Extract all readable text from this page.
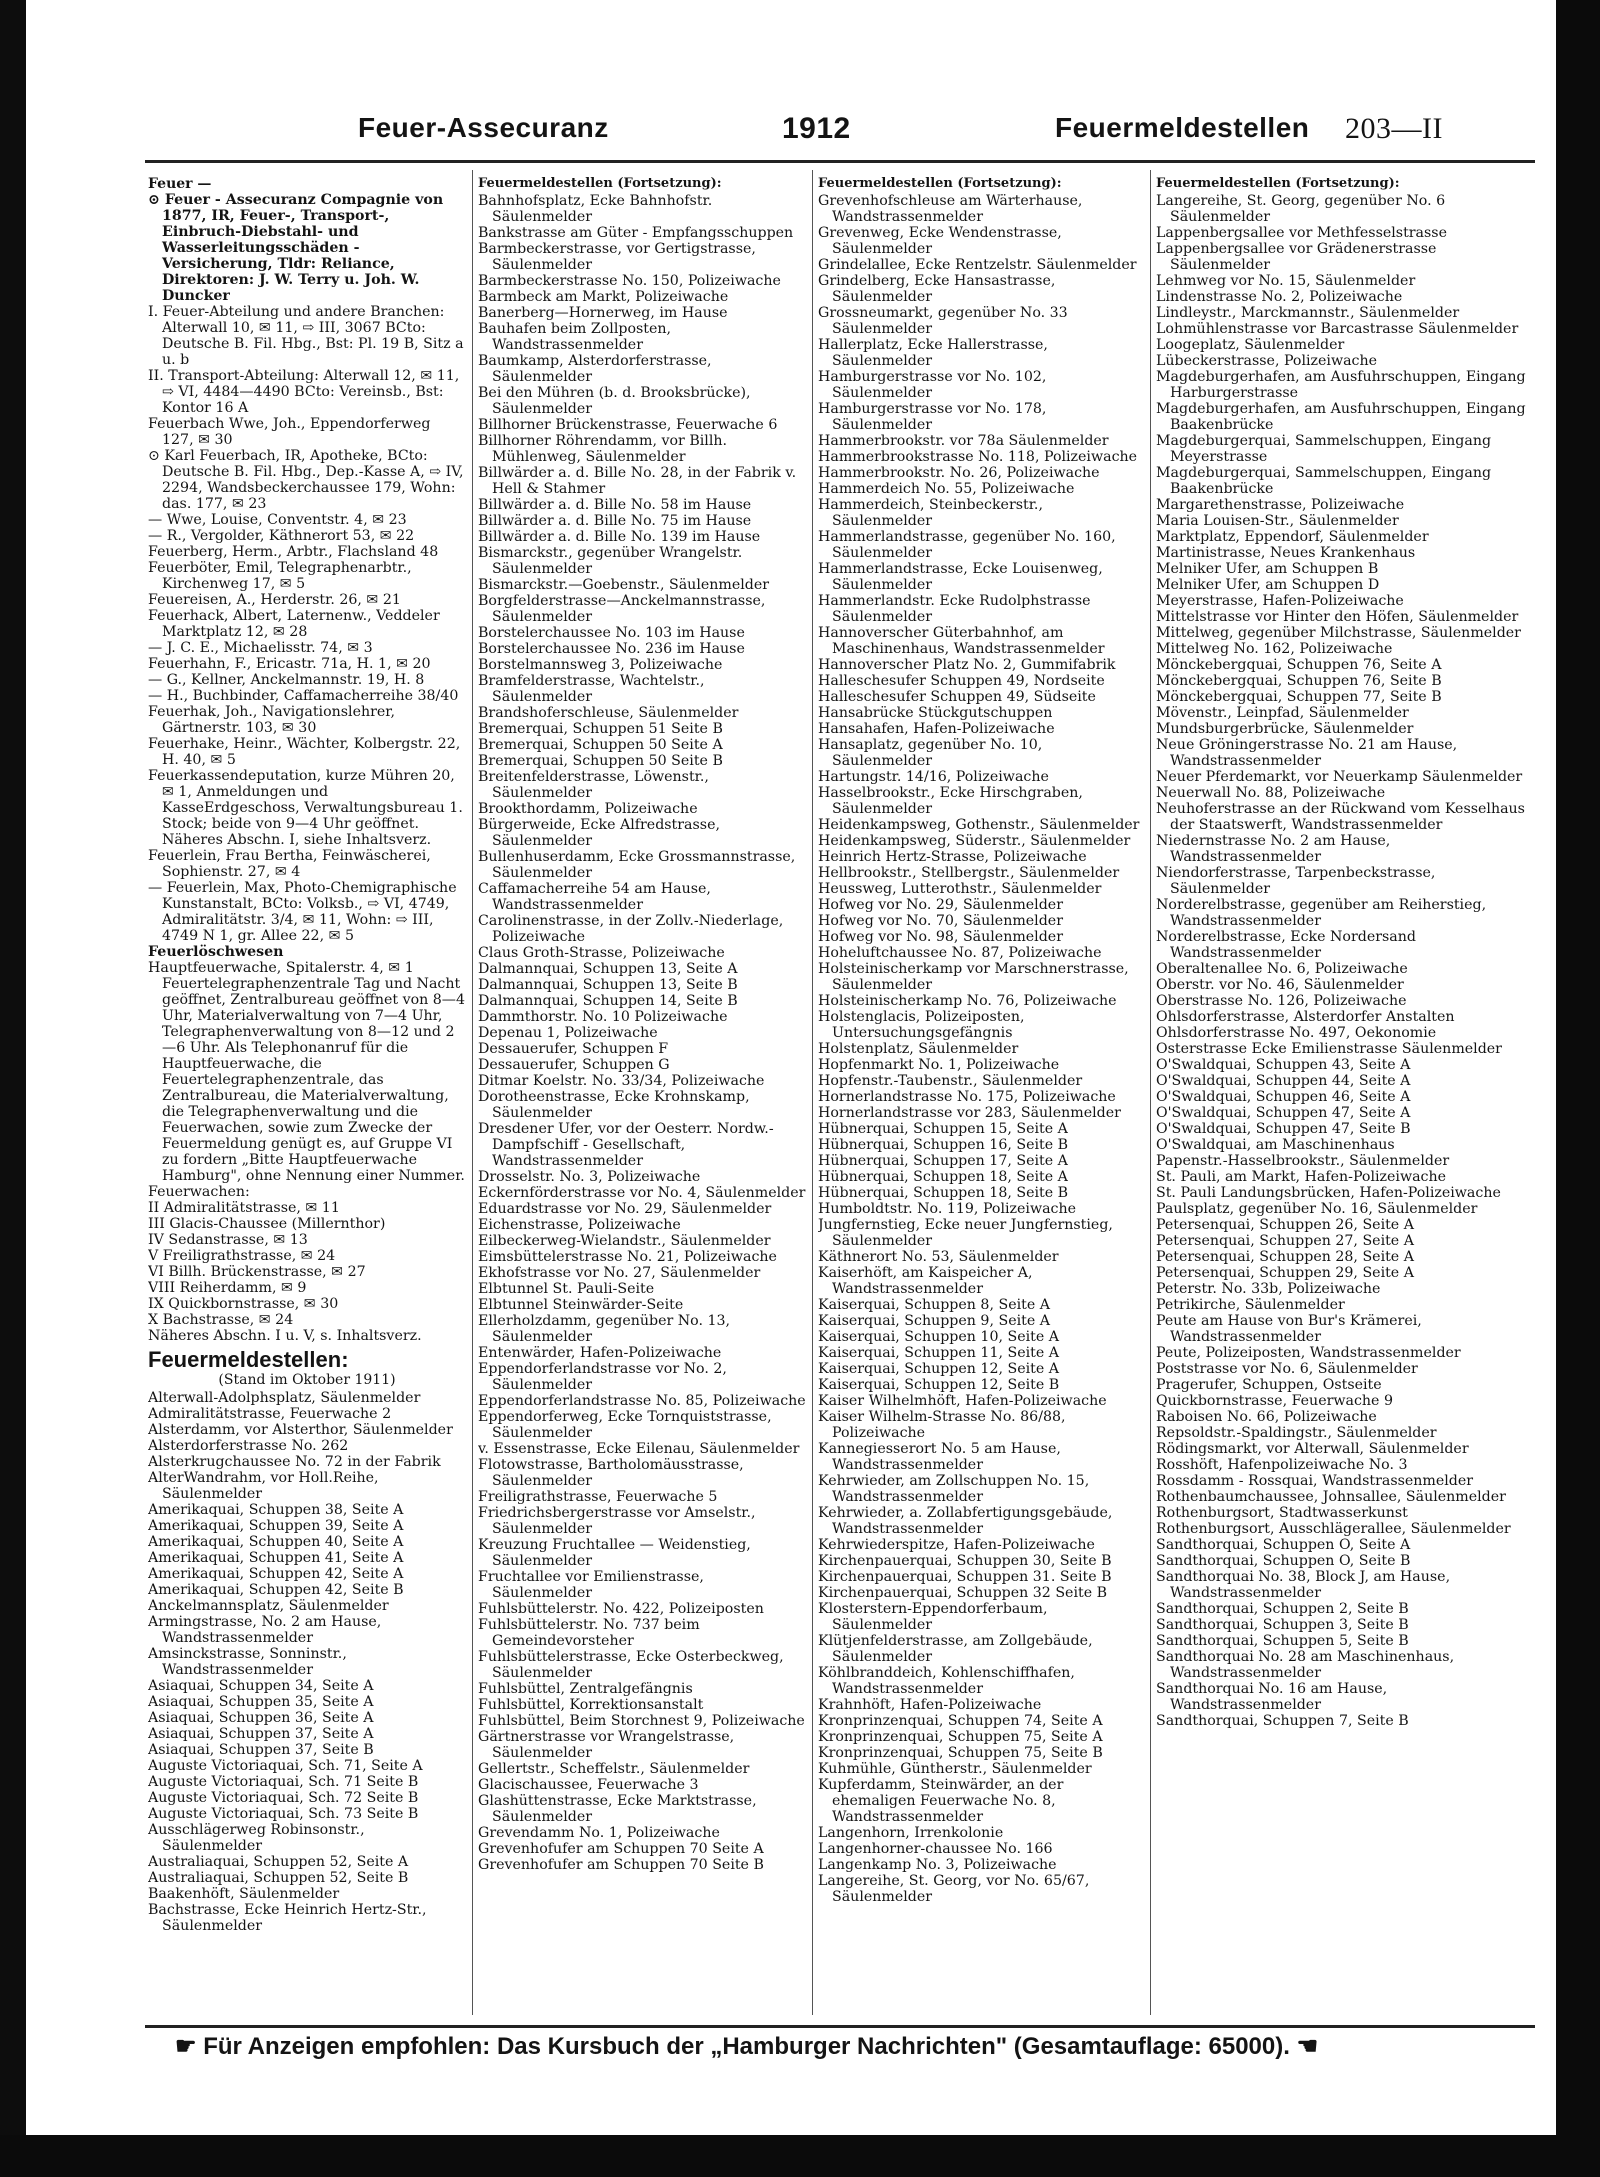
Feuer-Assecuranz	1912	Feuermeldestellen 203—II
Feuer —

⊙ Feuer - Assecuranz Compagnie von 1877, IR, Feuer-, Transport-, Einbruch-Diebstahl- und Wasserleitungsschäden - Versicherung, Tldr: Reliance, Direktoren: J. W. Terry u. Joh. W. Duncker

I. Feuer-Abteilung und andere Branchen: Alterwall 10, ✉ 11, ⇨ III, 3067 BCto: Deutsche B. Fil. Hbg., Bst: Pl. 19 B, Sitz a u. b

II. Transport-Abteilung: Alterwall 12, ✉ 11, ⇨ VI, 4484—4490 BCto: Vereinsb., Bst: Kontor 16 A

Feuerbach Wwe, Joh., Eppendorferweg 127, ✉ 30

⊙ Karl Feuerbach, IR, Apotheke, BCto: Deutsche B. Fil. Hbg., Dep.-Kasse A, ⇨ IV, 2294, Wandsbeckerchaussee 179, Wohn: das. 177, ✉ 23

— Wwe, Louise, Conventstr. 4, ✉ 23

— R., Vergolder, Käthnerort 53, ✉ 22

Feuerberg, Herm., Arbtr., Flachsland 48

Feuerböter, Emil, Telegraphenarbtr., Kirchenweg 17, ✉ 5

Feuereisen, A., Herderstr. 26, ✉ 21

Feuerhack, Albert, Laternenw., Veddeler Marktplatz 12, ✉ 28

— J. C. E., Michaelisstr. 74, ✉ 3

Feuerhahn, F., Ericastr. 71a, H. 1, ✉ 20

— G., Kellner, Anckelmannstr. 19, H. 8

— H., Buchbinder, Caffamacherreihe 38/40

Feuerhak, Joh., Navigationslehrer, Gärtnerstr. 103, ✉ 30

Feuerhake, Heinr., Wächter, Kolbergstr. 22, H. 40, ✉ 5

Feuerkassendeputation, kurze Mühren 20, ✉ 1, Anmeldungen und KasseErdgeschoss, Verwaltungsbureau 1. Stock; beide von 9—4 Uhr geöffnet. Näheres Abschn. I, siehe Inhaltsverz.

Feuerlein, Frau Bertha, Feinwäscherei, Sophienstr. 27, ✉ 4

— Feuerlein, Max, Photo-Chemigraphische Kunstanstalt, BCto: Volksb., ⇨ VI, 4749, Admiralitätstr. 3/4, ✉ 11, Wohn: ⇨ III, 4749 N 1, gr. Allee 22, ✉ 5

Feuerlöschwesen

Hauptfeuerwache, Spitalerstr. 4, ✉ 1 Feuertelegraphenzentrale Tag und Nacht geöffnet, Zentralbureau geöffnet von 8—4 Uhr, Materialverwaltung von 7—4 Uhr, Telegraphenverwaltung von 8—12 und 2—6 Uhr. Als Telephonanruf für die Hauptfeuerwache, die Feuertelegraphenzentrale, das Zentralbureau, die Materialverwaltung, die Telegraphenverwaltung und die Feuerwachen, sowie zum Zwecke der Feuermeldung genügt es, auf Gruppe VI zu fordern „Bitte Hauptfeuerwache Hamburg", ohne Nennung einer Nummer.

Feuerwachen:

II Admiralitätstrasse, ✉ 11

III Glacis-Chaussee (Millernthor)

IV Sedanstrasse, ✉ 13

V Freiligrathstrasse, ✉ 24

VI Billh. Brückenstrasse, ✉ 27

VIII Reiherdamm, ✉ 9

IX Quickbornstrasse, ✉ 30

X Bachstrasse, ✉ 24

Näheres Abschn. I u. V, s. Inhaltsverz.

Feuermeldestellen:
(Stand im Oktober 1911)

Alterwall-Adolphsplatz, Säulenmelder

Admiralitätstrasse, Feuerwache 2

Alsterdamm, vor Alsterthor, Säulenmelder

Alsterdorferstrasse No. 262

Alsterkrugchaussee No. 72 in der Fabrik

AlterWandrahm, vor Holl.Reihe, Säulenmelder

Amerikaquai, Schuppen 38, Seite A

Amerikaquai, Schuppen 39, Seite A

Amerikaquai, Schuppen 40, Seite A

Amerikaquai, Schuppen 41, Seite A

Amerikaquai, Schuppen 42, Seite A

Amerikaquai, Schuppen 42, Seite B

Anckelmannsplatz, Säulenmelder

Armingstrasse, No. 2 am Hause, Wandstrassenmelder

Amsinckstrasse, Sonninstr., Wandstrassenmelder

Asiaquai, Schuppen 34, Seite A

Asiaquai, Schuppen 35, Seite A

Asiaquai, Schuppen 36, Seite A

Asiaquai, Schuppen 37, Seite A

Asiaquai, Schuppen 37, Seite B

Auguste Victoriaquai, Sch. 71, Seite A

Auguste Victoriaquai, Sch. 71 Seite B

Auguste Victoriaquai, Sch. 72 Seite B

Auguste Victoriaquai, Sch. 73 Seite B

Ausschlägerweg Robinsonstr., Säulenmelder

Australiaquai, Schuppen 52, Seite A

Australiaquai, Schuppen 52, Seite B

Baakenhöft, Säulenmelder

Bachstrasse, Ecke Heinrich Hertz-Str., Säulenmelder

Feuermeldestellen (Fortsetzung):

Bahnhofsplatz, Ecke Bahnhofstr. Säulenmelder

Bankstrasse am Güter - Empfangsschuppen

Barmbeckerstrasse, vor Gertigstrasse, Säulenmelder

Barmbeckerstrasse No. 150, Polizeiwache

Barmbeck am Markt, Polizeiwache

Banerberg—Hornerweg, im Hause

Bauhafen beim Zollposten, Wandstrassenmelder

Baumkamp, Alsterdorferstrasse, Säulenmelder

Bei den Mühren (b. d. Brooksbrücke), Säulenmelder

Billhorner Brückenstrasse, Feuerwache 6

Billhorner Röhrendamm, vor Billh. Mühlenweg, Säulenmelder

Billwärder a. d. Bille No. 28, in der Fabrik v. Hell & Stahmer

Billwärder a. d. Bille No. 58 im Hause

Billwärder a. d. Bille No. 75 im Hause

Billwärder a. d. Bille No. 139 im Hause

Bismarckstr., gegenüber Wrangelstr. Säulenmelder

Bismarckstr.—Goebenstr., Säulenmelder

Borgfelderstrasse—Anckelmannstrasse, Säulenmelder

Borstelerchaussee No. 103 im Hause

Borstelerchaussee No. 236 im Hause

Borstelmannsweg 3, Polizeiwache

Bramfelderstrasse, Wachtelstr., Säulenmelder

Brandshoferschleuse, Säulenmelder

Bremerquai, Schuppen 51 Seite B

Bremerquai, Schuppen 50 Seite A

Bremerquai, Schuppen 50 Seite B

Breitenfelderstrasse, Löwenstr., Säulenmelder

Brookthordamm, Polizeiwache

Bürgerweide, Ecke Alfredstrasse, Säulenmelder

Bullenhuserdamm, Ecke Grossmannstrasse, Säulenmelder

Caffamacherreihe 54 am Hause, Wandstrassenmelder

Carolinenstrasse, in der Zollv.-Niederlage, Polizeiwache

Claus Groth-Strasse, Polizeiwache

Dalmannquai, Schuppen 13, Seite A

Dalmannquai, Schuppen 13, Seite B

Dalmannquai, Schuppen 14, Seite B

Dammthorstr. No. 10 Polizeiwache

Depenau 1, Polizeiwache

Dessauerufer, Schuppen F

Dessauerufer, Schuppen G

Ditmar Koelstr. No. 33/34, Polizeiwache

Dorotheenstrasse, Ecke Krohnskamp, Säulenmelder

Dresdener Ufer, vor der Oesterr. Nordw.-Dampfschiff - Gesellschaft, Wandstrassenmelder

Drosselstr. No. 3, Polizeiwache

Eckernförderstrasse vor No. 4, Säulenmelder

Eduardstrasse vor No. 29, Säulenmelder

Eichenstrasse, Polizeiwache

Eilbeckerweg-Wielandstr., Säulenmelder

Eimsbüttelerstrasse No. 21, Polizeiwache

Ekhofstrasse vor No. 27, Säulenmelder

Elbtunnel St. Pauli-Seite

Elbtunnel Steinwärder-Seite

Ellerholzdamm, gegenüber No. 13, Säulenmelder

Entenwärder, Hafen-Polizeiwache

Eppendorferlandstrasse vor No. 2, Säulenmelder

Eppendorferlandstrasse No. 85, Polizeiwache

Eppendorferweg, Ecke Tornquiststrasse, Säulenmelder

v. Essenstrasse, Ecke Eilenau, Säulenmelder

Flotowstrasse, Bartholomäusstrasse, Säulenmelder

Freiligrathstrasse, Feuerwache 5

Friedrichsbergerstrasse vor Amselstr., Säulenmelder

Kreuzung Fruchtallee — Weidenstieg, Säulenmelder

Fruchtallee vor Emilienstrasse, Säulenmelder

Fuhlsbüttelerstr. No. 422, Polizeiposten

Fuhlsbüttelerstr. No. 737 beim Gemeindevorsteher

Fuhlsbüttelerstrasse, Ecke Osterbeckweg, Säulenmelder

Fuhlsbüttel, Zentralgefängnis

Fuhlsbüttel, Korrektionsanstalt

Fuhlsbüttel, Beim Storchnest 9, Polizeiwache

Gärtnerstrasse vor Wrangelstrasse, Säulenmelder

Gellertstr., Scheffelstr., Säulenmelder

Glacischaussee, Feuerwache 3

Glashüttenstrasse, Ecke Marktstrasse, Säulenmelder

Grevendamm No. 1, Polizeiwache

Grevenhofufer am Schuppen 70 Seite A

Grevenhofufer am Schuppen 70 Seite B

Feuermeldestellen (Fortsetzung):

Grevenhofschleuse am Wärterhause, Wandstrassenmelder

Grevenweg, Ecke Wendenstrasse, Säulenmelder

Grindelallee, Ecke Rentzelstr. Säulenmelder

Grindelberg, Ecke Hansastrasse, Säulenmelder

Grossneumarkt, gegenüber No. 33 Säulenmelder

Hallerplatz, Ecke Hallerstrasse, Säulenmelder

Hamburgerstrasse vor No. 102, Säulenmelder

Hamburgerstrasse vor No. 178, Säulenmelder

Hammerbrookstr. vor 78a Säulenmelder

Hammerbrookstrasse No. 118, Polizeiwache

Hammerbrookstr. No. 26, Polizeiwache

Hammerdeich No. 55, Polizeiwache

Hammerdeich, Steinbeckerstr., Säulenmelder

Hammerlandstrasse, gegenüber No. 160, Säulenmelder

Hammerlandstrasse, Ecke Louisenweg, Säulenmelder

Hammerlandstr. Ecke Rudolphstrasse Säulenmelder

Hannoverscher Güterbahnhof, am Maschinenhaus, Wandstrassenmelder

Hannoverscher Platz No. 2, Gummifabrik

Halleschesufer Schuppen 49, Nordseite

Halleschesufer Schuppen 49, Südseite

Hansabrücke Stückgutschuppen

Hansahafen, Hafen-Polizeiwache

Hansaplatz, gegenüber No. 10, Säulenmelder

Hartungstr. 14/16, Polizeiwache

Hasselbrookstr., Ecke Hirschgraben, Säulenmelder

Heidenkampsweg, Gothenstr., Säulenmelder

Heidenkampsweg, Süderstr., Säulenmelder

Heinrich Hertz-Strasse, Polizeiwache

Hellbrookstr., Stellbergstr., Säulenmelder

Heussweg, Lutterothstr., Säulenmelder

Hofweg vor No. 29, Säulenmelder

Hofweg vor No. 70, Säulenmelder

Hofweg vor No. 98, Säulenmelder

Hoheluftchaussee No. 87, Polizeiwache

Holsteinischerkamp vor Marschnerstrasse, Säulenmelder

Holsteinischerkamp No. 76, Polizeiwache

Holstenglacis, Polizeiposten, Untersuchungsgefängnis

Holstenplatz, Säulenmelder

Hopfenmarkt No. 1, Polizeiwache

Hopfenstr.-Taubenstr., Säulenmelder

Hornerlandstrasse No. 175, Polizeiwache

Hornerlandstrasse vor 283, Säulenmelder

Hübnerquai, Schuppen 15, Seite A

Hübnerquai, Schuppen 16, Seite B

Hübnerquai, Schuppen 17, Seite A

Hübnerquai, Schuppen 18, Seite A

Hübnerquai, Schuppen 18, Seite B

Humboldtstr. No. 119, Polizeiwache

Jungfernstieg, Ecke neuer Jungfernstieg, Säulenmelder

Käthnerort No. 53, Säulenmelder

Kaiserhöft, am Kaispeicher A, Wandstrassenmelder

Kaiserquai, Schuppen 8, Seite A

Kaiserquai, Schuppen 9, Seite A

Kaiserquai, Schuppen 10, Seite A

Kaiserquai, Schuppen 11, Seite A

Kaiserquai, Schuppen 12, Seite A

Kaiserquai, Schuppen 12, Seite B

Kaiser Wilhelmhöft, Hafen-Polizeiwache

Kaiser Wilhelm-Strasse No. 86/88, Polizeiwache

Kannegiesserort No. 5 am Hause, Wandstrassenmelder

Kehrwieder, am Zollschuppen No. 15, Wandstrassenmelder

Kehrwieder, a. Zollabfertigungsgebäude, Wandstrassenmelder

Kehrwiederspitze, Hafen-Polizeiwache

Kirchenpauerquai, Schuppen 30, Seite B

Kirchenpauerquai, Schuppen 31. Seite B

Kirchenpauerquai, Schuppen 32 Seite B

Klosterstern-Eppendorferbaum, Säulenmelder

Klütjenfelderstrasse, am Zollgebäude, Säulenmelder

Köhlbranddeich, Kohlenschiffhafen, Wandstrassenmelder

Krahnhöft, Hafen-Polizeiwache

Kronprinzenquai, Schuppen 74, Seite A

Kronprinzenquai, Schuppen 75, Seite A

Kronprinzenquai, Schuppen 75, Seite B

Kuhmühle, Güntherstr., Säulenmelder

Kupferdamm, Steinwärder, an der ehemaligen Feuerwache No. 8, Wandstrassenmelder

Langenhorn, Irrenkolonie

Langenhorner-chaussee No. 166

Langenkamp No. 3, Polizeiwache

Langereihe, St. Georg, vor No. 65/67, Säulenmelder

Feuermeldestellen (Fortsetzung):

Langereihe, St. Georg, gegenüber No. 6 Säulenmelder

Lappenbergsallee vor Methfesselstrasse

Lappenbergsallee vor Grädenerstrasse Säulenmelder

Lehmweg vor No. 15, Säulenmelder

Lindenstrasse No. 2, Polizeiwache

Lindleystr., Marckmannstr., Säulenmelder

Lohmühlenstrasse vor Barcastrasse Säulenmelder

Loogeplatz, Säulenmelder

Lübeckerstrasse, Polizeiwache

Magdeburgerhafen, am Ausfuhrschuppen, Eingang Harburgerstrasse

Magdeburgerhafen, am Ausfuhrschuppen, Eingang Baakenbrücke

Magdeburgerquai, Sammelschuppen, Eingang Meyerstrasse

Magdeburgerquai, Sammelschuppen, Eingang Baakenbrücke

Margarethenstrasse, Polizeiwache

Maria Louisen-Str., Säulenmelder

Marktplatz, Eppendorf, Säulenmelder

Martinistrasse, Neues Krankenhaus

Melniker Ufer, am Schuppen B

Melniker Ufer, am Schuppen D

Meyerstrasse, Hafen-Polizeiwache

Mittelstrasse vor Hinter den Höfen, Säulenmelder

Mittelweg, gegenüber Milchstrasse, Säulenmelder

Mittelweg No. 162, Polizeiwache

Mönckebergquai, Schuppen 76, Seite A

Mönckebergquai, Schuppen 76, Seite B

Mönckebergquai, Schuppen 77, Seite B

Mövenstr., Leinpfad, Säulenmelder

Mundsburgerbrücke, Säulenmelder

Neue Gröningerstrasse No. 21 am Hause, Wandstrassenmelder

Neuer Pferdemarkt, vor Neuerkamp Säulenmelder

Neuerwall No. 88, Polizeiwache

Neuhoferstrasse an der Rückwand vom Kesselhaus der Staatswerft, Wandstrassenmelder

Niedernstrasse No. 2 am Hause, Wandstrassenmelder

Niendorferstrasse, Tarpenbeckstrasse, Säulenmelder

Norderelbstrasse, gegenüber am Reiherstieg, Wandstrassenmelder

Norderelbstrasse, Ecke Nordersand Wandstrassenmelder

Oberaltenallee No. 6, Polizeiwache

Oberstr. vor No. 46, Säulenmelder

Oberstrasse No. 126, Polizeiwache

Ohlsdorferstrasse, Alsterdorfer Anstalten

Ohlsdorferstrasse No. 497, Oekonomie

Osterstrasse Ecke Emilienstrasse Säulenmelder

O'Swaldquai, Schuppen 43, Seite A

O'Swaldquai, Schuppen 44, Seite A

O'Swaldquai, Schuppen 46, Seite A

O'Swaldquai, Schuppen 47, Seite A

O'Swaldquai, Schuppen 47, Seite B

O'Swaldquai, am Maschinenhaus

Papenstr.-Hasselbrookstr., Säulenmelder

St. Pauli, am Markt, Hafen-Polizeiwache

St. Pauli Landungsbrücken, Hafen-Polizeiwache

Paulsplatz, gegenüber No. 16, Säulenmelder

Petersenquai, Schuppen 26, Seite A

Petersenquai, Schuppen 27, Seite A

Petersenquai, Schuppen 28, Seite A

Petersenquai, Schuppen 29, Seite A

Peterstr. No. 33b, Polizeiwache

Petrikirche, Säulenmelder

Peute am Hause von Bur's Krämerei, Wandstrassenmelder

Peute, Polizeiposten, Wandstrassenmelder

Poststrasse vor No. 6, Säulenmelder

Pragerufer, Schuppen, Ostseite

Quickbornstrasse, Feuerwache 9

Raboisen No. 66, Polizeiwache

Repsoldstr.-Spaldingstr., Säulenmelder

Rödingsmarkt, vor Alterwall, Säulenmelder

Rosshöft, Hafenpolizeiwache No. 3

Rossdamm - Rossquai, Wandstrassenmelder

Rothenbaumchaussee, Johnsallee, Säulenmelder

Rothenburgsort, Stadtwasserkunst

Rothenburgsort, Ausschlägerallee, Säulenmelder

Sandthorquai, Schuppen O, Seite A

Sandthorquai, Schuppen O, Seite B

Sandthorquai No. 38, Block J, am Hause, Wandstrassenmelder

Sandthorquai, Schuppen 2, Seite B

Sandthorquai, Schuppen 3, Seite B

Sandthorquai, Schuppen 5, Seite B

Sandthorquai No. 28 am Maschinenhaus, Wandstrassenmelder

Sandthorquai No. 16 am Hause, Wandstrassenmelder

Sandthorquai, Schuppen 7, Seite B

☛ Für Anzeigen empfohlen: Das Kursbuch der „Hamburger Nachrichten" (Gesamtauflage: 65000). ☚
